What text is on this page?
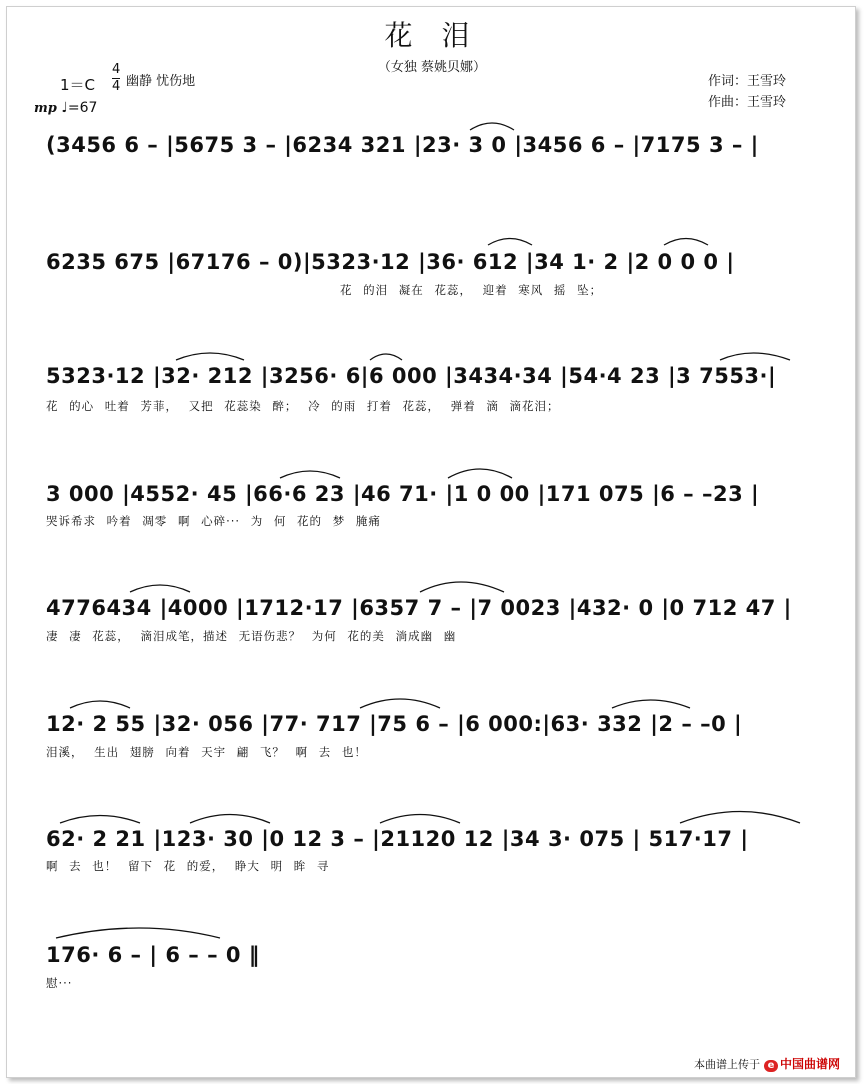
花 泪
（女独 蔡姚贝娜）
$1=C \frac{4}{4}$ 幽静 忧伤地
mp ♩=67
作词：王雪玲
作曲：王雪玲
(3456 6 – |5675 3 – |6234 321 |23· 3 0 |3456 6 – |7175 3 – |
6235 675 |67176 – 0)|5323·12 |36· 612 |34 1· 2 |2 0 0 0 |
花 的泪 凝在 花蕊， 迎着 寒风 摇 坠；
5323·12 |32· 212 |3256· 6|6 000 |3434·34 |54·4 23 |3 7553·|
花 的心 吐着 芳菲， 又把 花蕊染 醉； 冷 的雨 打着 花蕊， 弹着 滴 滴花泪；
3 000 |4552· 45 |66·6 23 |46 71· |1 0 00 |171 075 |6 – –23 |
哭诉希求 吟着 凋零 啊 心碎··· 为 何 花的 梦 腌痛
4776434 |4000 |1712·17 |6357 7 – |7 0023 |432· 0 |0 712 47 |
凄 凄 花蕊， 滴泪成笔，描述 无语伤悲？ 为何 花的美 淌成幽 幽
12· 2 55 |32· 056 |77· 717 |75 6 – |6 000:|63· 332 |2 – –0 |
泪溪， 生出 翅膀 向着 天宇 翩 飞？ 啊 去 也！
62· 2 21 |123· 30 |0 12 3 – |21120 12 |34 3· 075 | 517·17 |
啊 去 也！ 留下 花 的爱， 睁大 明 眸 寻
176· 6 – | 6 – – 0 ‖
慰···
本曲谱上传于 e 中国曲谱网
